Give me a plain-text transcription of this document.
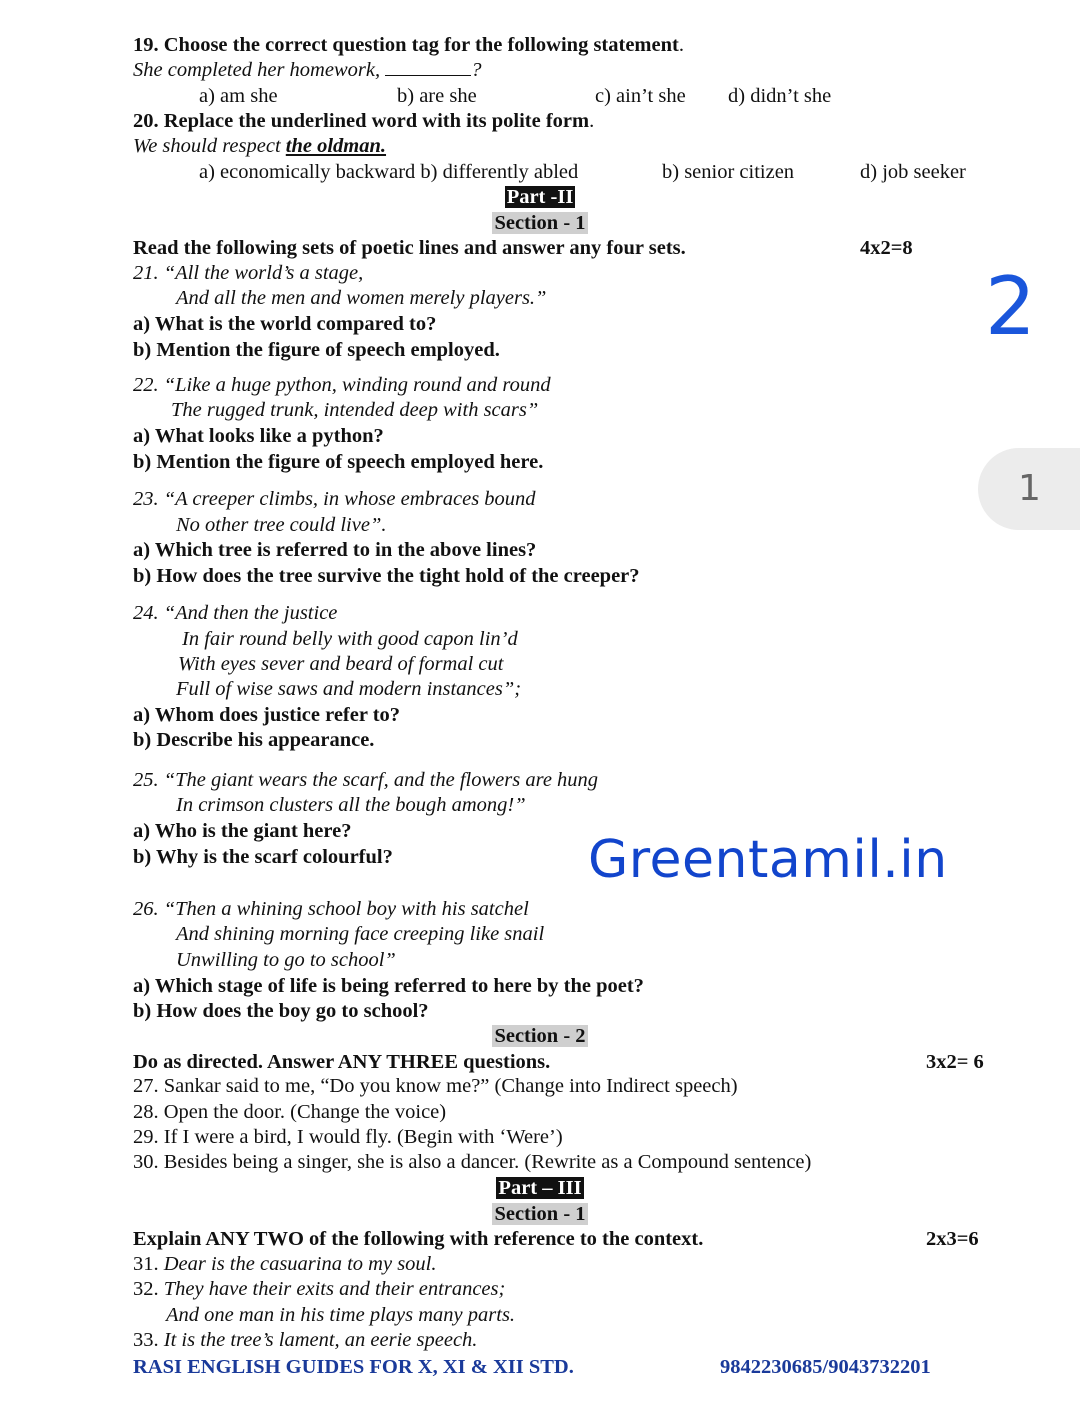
19. Choose the correct question tag for the following statement.
She completed her homework,	?
a) am she	b) are she	c) ain’t she d) didn’t she
20. Replace the underlined word with its polite form.
We should respect the oldman.
a) economically backward b) differently abled	b) senior citizen	d) job seeker
Part -II
Section - 1
Read the following sets of poetic lines and answer any four sets.	4x2=8
21. “All the world’s a stage,
And all the men and women merely players.”
a) What is the world compared to?
b) Mention the figure of speech employed.
22. “Like a huge python, winding round and round
The rugged trunk, intended deep with scars”
a) What looks like a python?
b) Mention the figure of speech employed here.
23. “A creeper climbs, in whose embraces bound
No other tree could live”.
a) Which tree is referred to in the above lines?
b) How does the tree survive the tight hold of the creeper?
24. “And then the justice
In fair round belly with good capon lin’d
With eyes sever and beard of formal cut
Full of wise saws and modern instances”;
a) Whom does justice refer to?
b) Describe his appearance.
25. “The giant wears the scarf, and the flowers are hung
In crimson clusters all the bough among!”
a) Who is the giant here?
b) Why is the scarf colourful?	Greentamil.in
26. “Then a whining school boy with his satchel
And shining morning face creeping like snail
Unwilling to go to school”
a) Which stage of life is being referred to here by the poet?
b) How does the boy go to school?
Section - 2
Do as directed. Answer ANY THREE questions.	3x2= 6
27. Sankar said to me, “Do you know me?” (Change into Indirect speech)
28. Open the door. (Change the voice)
29. If I were a bird, I would fly. (Begin with ‘Were’)
30. Besides being a singer, she is also a dancer. (Rewrite as a Compound sentence)
Part – III
Section - 1
Explain ANY TWO of the following with reference to the context.	2x3=6
31. Dear is the casuarina to my soul.
32. They have their exits and their entrances;
And one man in his time plays many parts.
33. It is the tree’s lament, an eerie speech.
RASI ENGLISH GUIDES FOR X, XI & XII STD.	9842230685/9043732201
2
1
